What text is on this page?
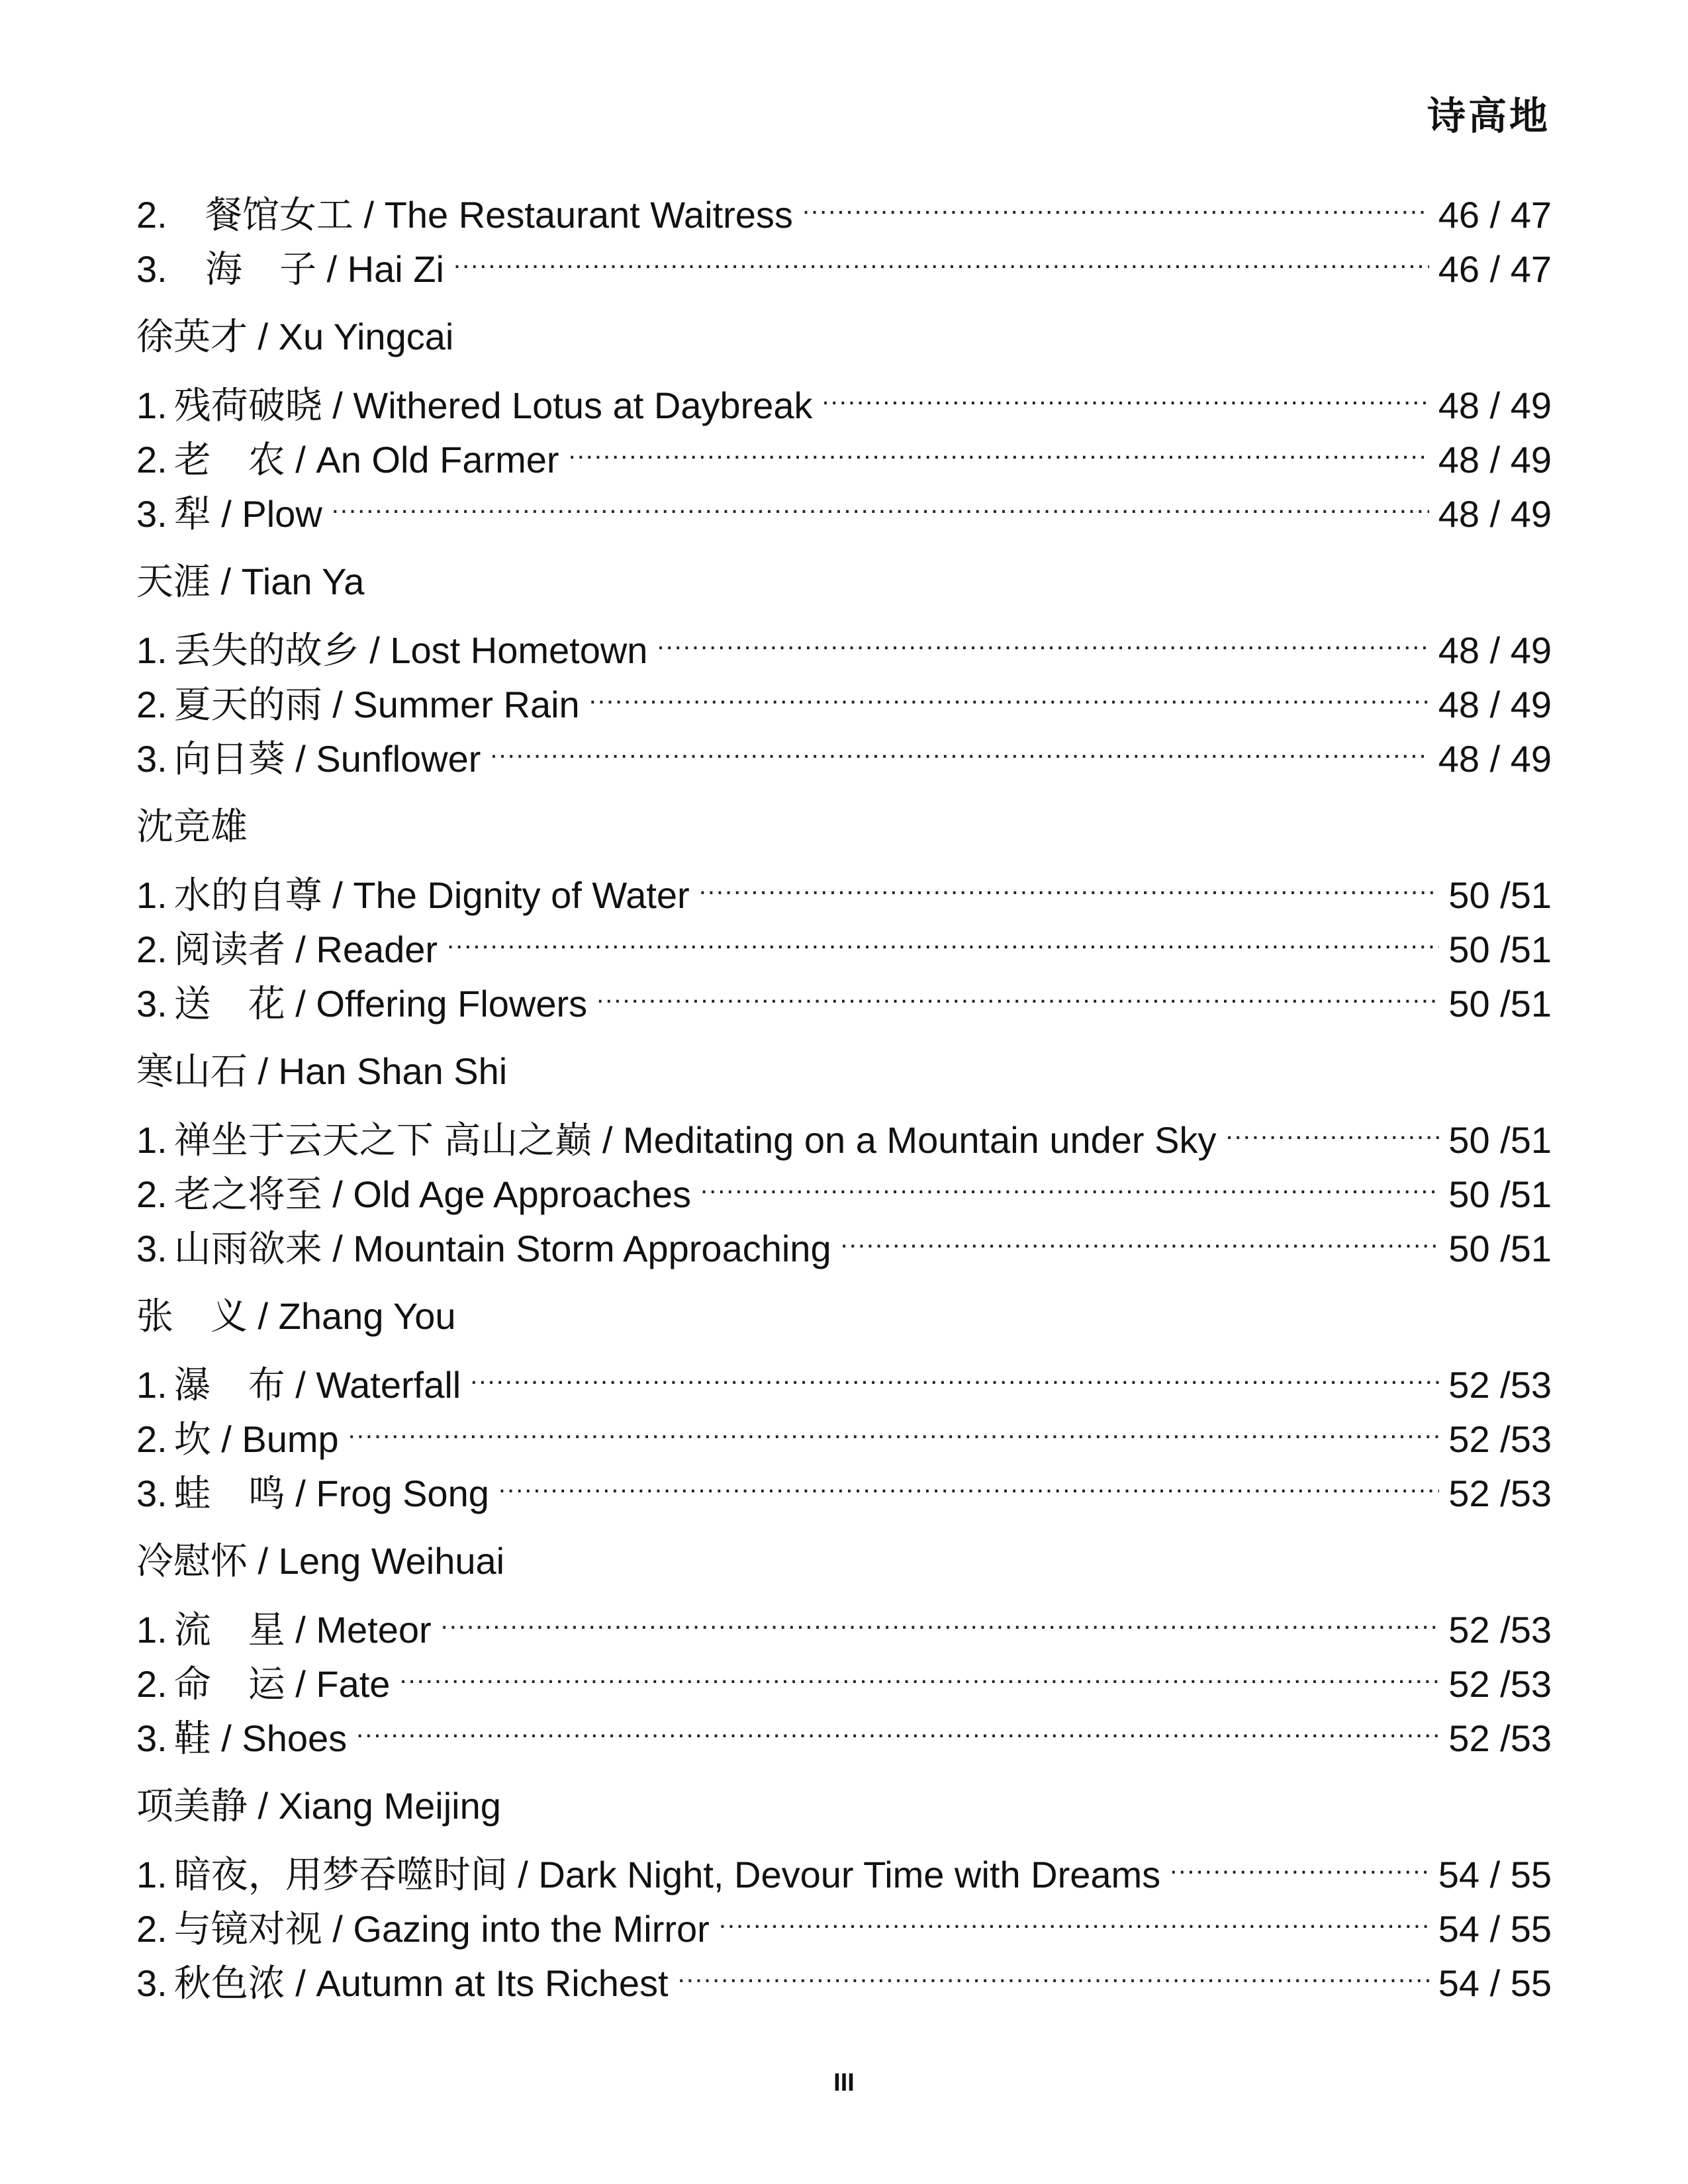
诗高地
2.	餐馆女工 / The Restaurant Waitress .....	46 / 47
3.	海　子 / Hai Zi .....	46 / 47
徐英才 / Xu Yingcai
1. 残荷破晓 / Withered Lotus at Daybreak .....	48 / 49
2. 老　农 / An Old Farmer .....	48 / 49
3. 犁 / Plow .....	48 / 49
天涯 / Tian Ya
1. 丢失的故乡 / Lost Hometown .....	48 / 49
2. 夏天的雨 / Summer Rain .....	48 / 49
3. 向日葵 / Sunflower .....	48 / 49
沈竞雄
1. 水的自尊 / The Dignity of Water .....	50 /51
2. 阅读者 / Reader .....	50 /51
3. 送　花 / Offering Flowers .....	50 /51
寒山石 / Han Shan Shi
1. 禅坐于云天之下 高山之巅 / Meditating on a Mountain under Sky .....	50 /51
2. 老之将至 / Old Age Approaches .....	50 /51
3. 山雨欲来 / Mountain Storm Approaching .....	50 /51
张　义 / Zhang You
1. 瀑　布 / Waterfall .....	52 /53
2. 坎 / Bump .....	52 /53
3. 蛙　鸣 / Frog Song .....	52 /53
冷慰怀 / Leng Weihuai
1. 流　星 / Meteor .....	52 /53
2. 命　运 / Fate .....	52 /53
3. 鞋 / Shoes .....	52 /53
项美静 / Xiang Meijing
1. 暗夜，用梦吞噬时间 / Dark Night, Devour Time with Dreams .....	54 / 55
2. 与镜对视 / Gazing into the Mirror .....	54 / 55
3. 秋色浓 / Autumn at Its Richest .....	54 / 55
III
